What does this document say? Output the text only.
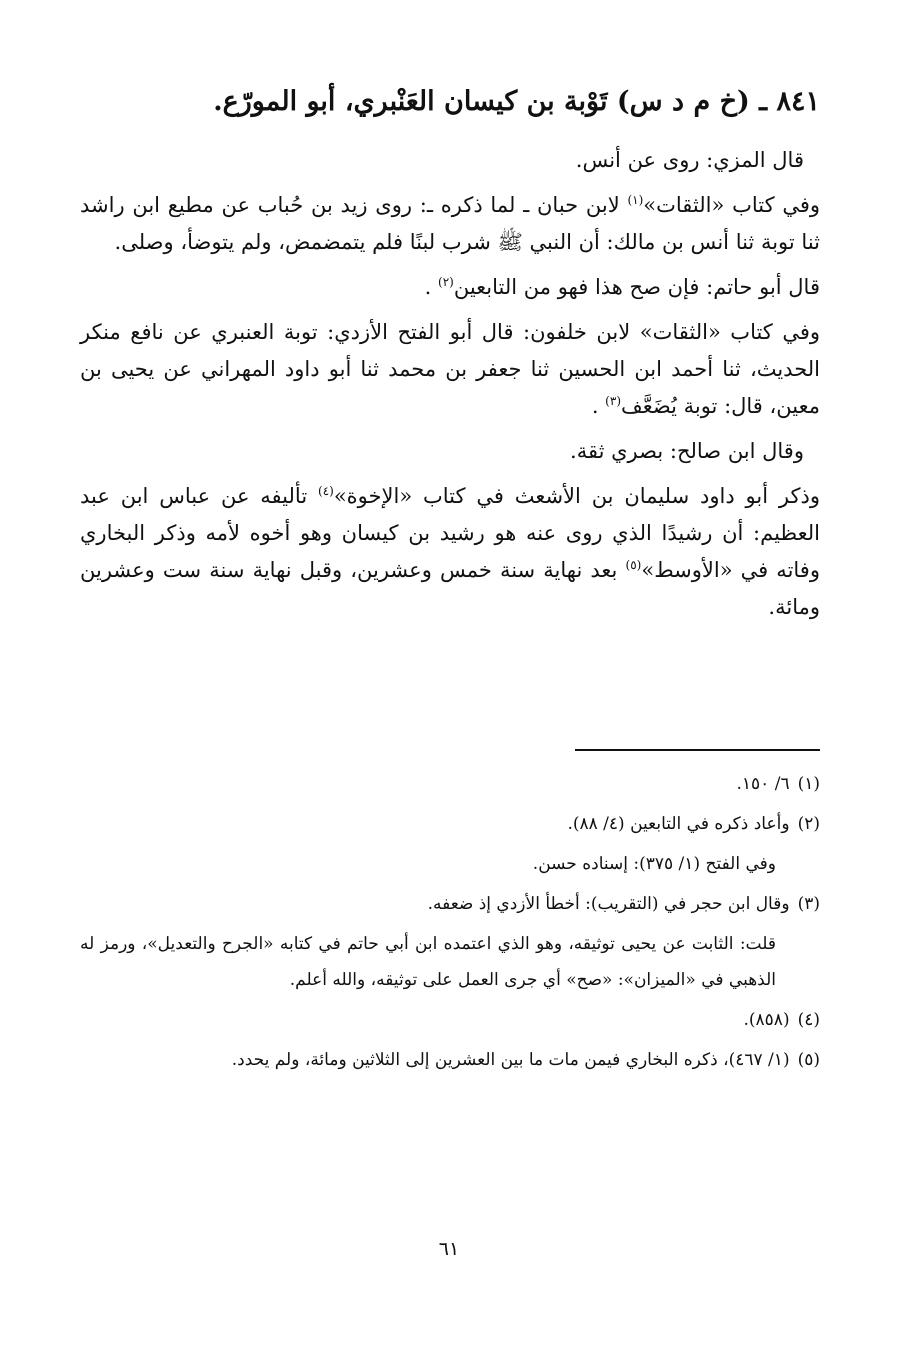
٨٤١ ـ (خ م د س) تَوْبة بن كيسان العَنْبري، أبو المورّع.

قال المزي: روى عن أنس.

وفي كتاب «الثقات»$^{(١)}$ لابن حبان ـ لما ذكره ـ: روى زيد بن حُباب عن مطيع ابن راشد ثنا توبة ثنا أنس بن مالك: أن النبي ﷺ شرب لبنًا فلم يتمضمض، ولم يتوضأ، وصلى.

قال أبو حاتم: فإن صح هذا فهو من التابعين$^{(٢)}$ .

وفي كتاب «الثقات» لابن خلفون: قال أبو الفتح الأزدي: توبة العنبري عن نافع منكر الحديث، ثنا أحمد ابن الحسين ثنا جعفر بن محمد ثنا أبو داود المهراني عن يحيى بن معين، قال: توبة يُضَعَّف$^{(٣)}$ .

وقال ابن صالح: بصري ثقة.

وذكر أبو داود سليمان بن الأشعث في كتاب «الإخوة»$^{(٤)}$ تأليفه عن عباس ابن عبد العظيم: أن رشيدًا الذي روى عنه هو رشيد بن كيسان وهو أخوه لأمه وذكر البخاري وفاته في «الأوسط»$^{(٥)}$ بعد نهاية سنة خمس وعشرين، وقبل نهاية سنة ست وعشرين ومائة.

(١)٦/ ١٥٠.
(٢)وأعاد ذكره في التابعين (٤/ ٨٨).
وفي الفتح (١/ ٣٧٥): إسناده حسن.
(٣)وقال ابن حجر في (التقريب): أخطأ الأزدي إذ ضعفه.
قلت: الثابت عن يحيى توثيقه، وهو الذي اعتمده ابن أبي حاتم في كتابه «الجرح والتعديل»، ورمز له الذهبي في «الميزان»: «صح» أي جرى العمل على توثيقه، والله أعلم.
(٤)(٨٥٨).
(٥)(١/ ٤٦٧)، ذكره البخاري فيمن مات ما بين العشرين إلى الثلاثين ومائة، ولم يحدد.
٦١
